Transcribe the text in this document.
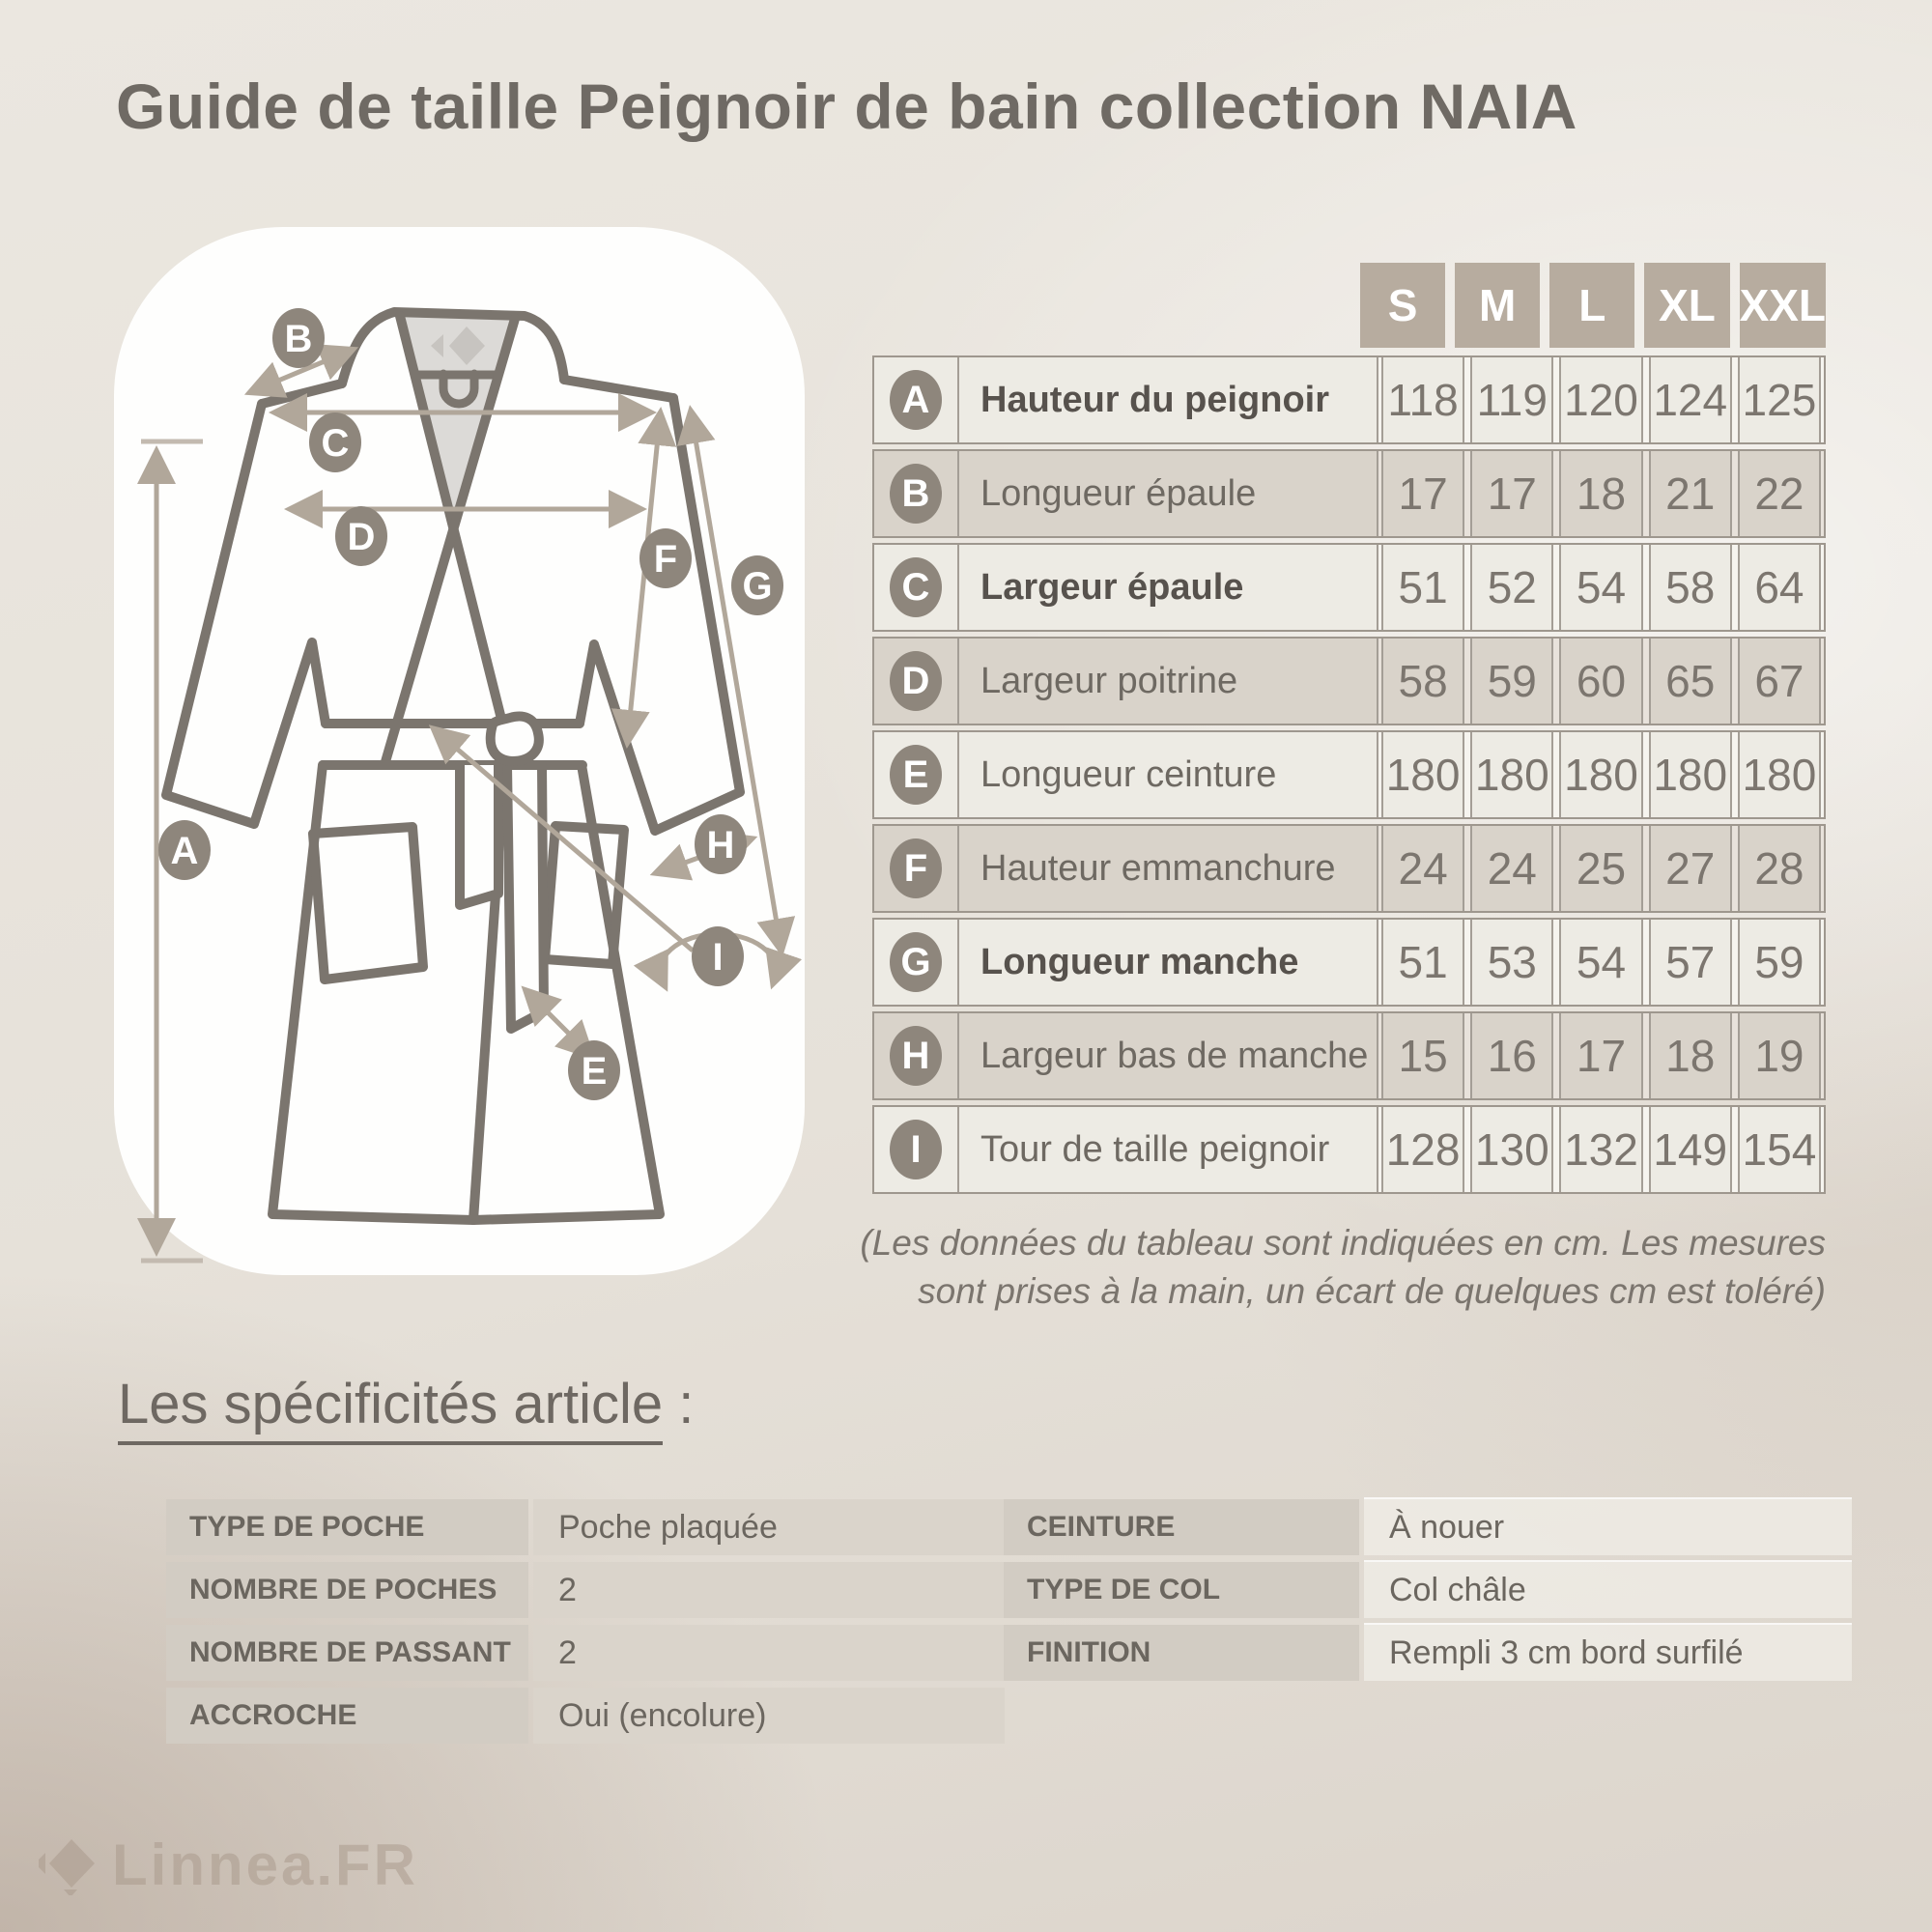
Guide de taille Peignoir de bain collection NAIA
A
B
C
D
E
F
G
H
I
S	M	L	XL XXL
A	Hauteur du peignoir	118 119 120 124 125
B	Longueur épaule	17 17 18 21 22
C	Largeur épaule	51 52 54 58 64
D	Largeur poitrine	58 59 60 65 67
E	Longueur ceinture	180 180 180 180 180
F	Hauteur emmanchure	24 24 25 27 28
G	Longueur manche	51 53 54 57 59
H	Largeur bas de manche 15 16 17 18 19
I	Tour de taille peignoir	128 130 132 149 154
(Les données du tableau sont indiquées en cm. Les mesures
sont prises à la main, un écart de quelques cm est toléré)
Les spécificités article :
TYPE DE POCHE	Poche plaquée
NOMBRE DE POCHES	2
NOMBRE DE PASSANT	2
ACCROCHE	Oui (encolure)
CEINTURE	À nouer
TYPE DE COL	Col châle
FINITION	Rempli 3 cm bord surfilé
Linnea.FR
